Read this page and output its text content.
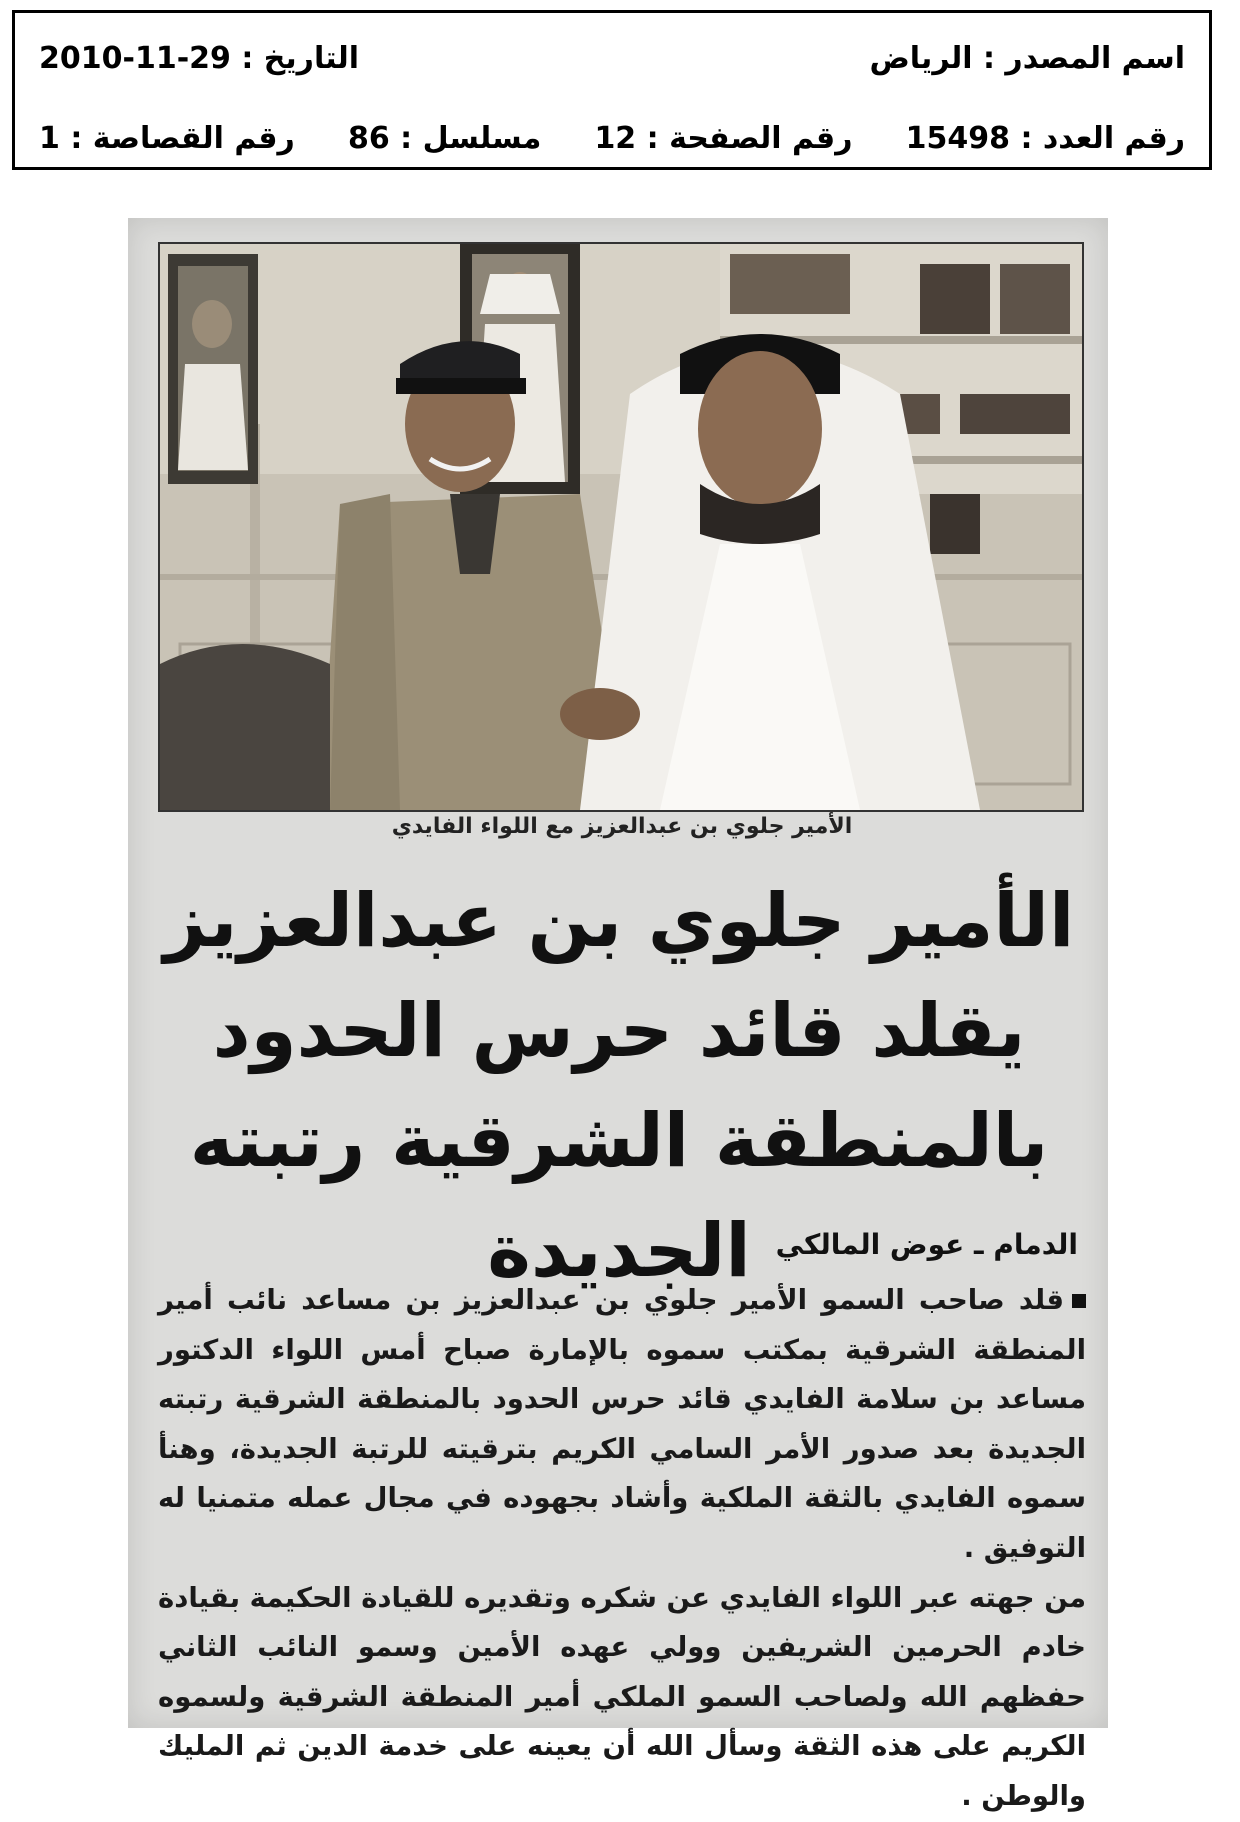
اسم المصدر : الرياض
التاريخ : 29-11-2010
رقم العدد : 15498
رقم الصفحة : 12
مسلسل : 86
رقم القصاصة : 1
الأمير جلوي بن عبدالعزيز مع اللواء الفايدي
الأمير جلوي بن عبدالعزيز يقلد قائد حرس الحدود بالمنطقة الشرقية رتبته الجديدة الدمام ـ عوض المالكي

قلد صاحب السمو الأمير جلوي بن عبدالعزيز بن مساعد نائب أمير المنطقة الشرقية بمكتب سموه بالإمارة صباح أمس اللواء الدكتور مساعد بن سلامة الفايدي قائد حرس الحدود بالمنطقة الشرقية رتبته الجديدة بعد صدور الأمر السامي الكريم بترقيته للرتبة الجديدة، وهنأ سموه الفايدي بالثقة الملكية وأشاد بجهوده في مجال عمله متمنيا له التوفيق .

من جهته عبر اللواء الفايدي عن شكره وتقديره للقيادة الحكيمة بقيادة خادم الحرمين الشريفين وولي عهده الأمين وسمو النائب الثاني حفظهم الله ولصاحب السمو الملكي أمير المنطقة الشرقية ولسموه الكريم على هذه الثقة وسأل الله أن يعينه على خدمة الدين ثم المليك والوطن .
